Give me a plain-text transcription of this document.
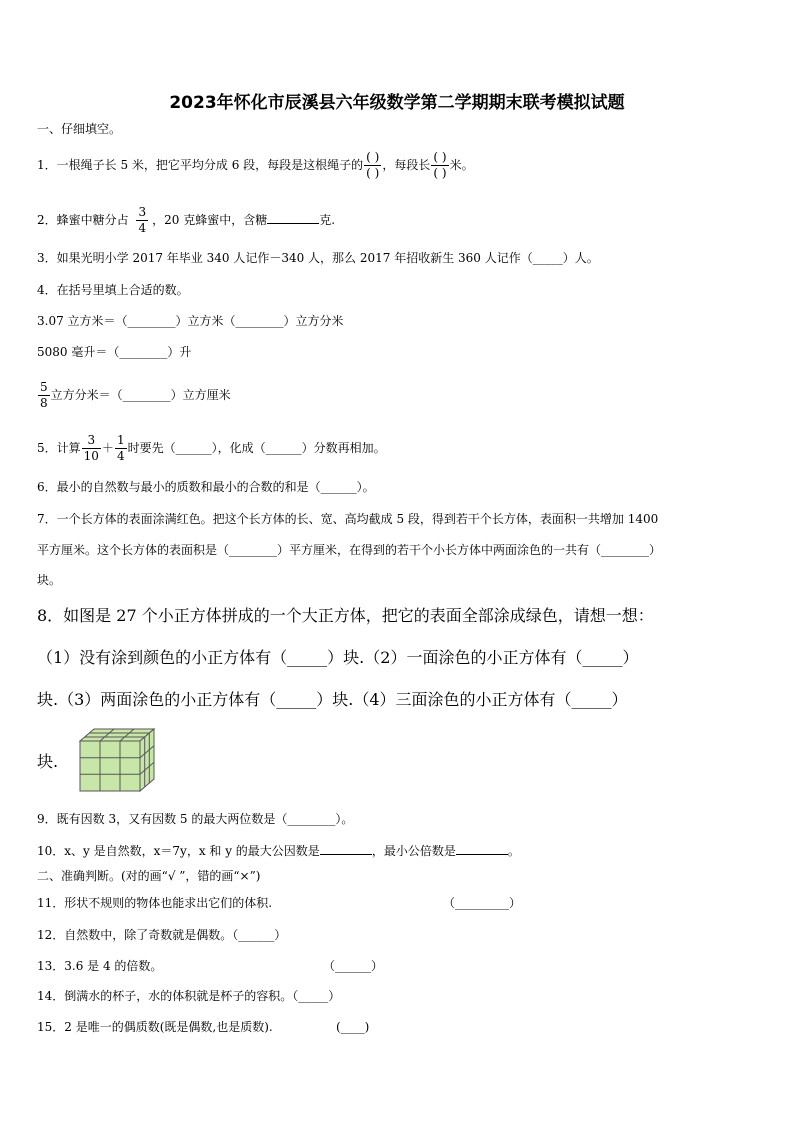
2023年怀化市辰溪县六年级数学第二学期期末联考模拟试题
一、仔细填空。
1．一根绳子长 5 米，把它平均分成 6 段，每段是这根绳子的 $\frac{( )}{( )}$ ，每段长 $\frac{( )}{( )}$ 米。
2．蜂蜜中糖分占 $\frac{3}{4}$ ，20 克蜂蜜中，含糖	克.
3．如果光明小学 2017 年毕业 340 人记作－340 人，那么 2017 年招收新生 360 人记作（_____）人。
4．在括号里填上合适的数。
3.07 立方米＝（________）立方米（________）立方分米
5080 毫升＝（________）升
$\frac{5}{8}$ 立方分米＝（________）立方厘米
5．计算 $\frac{3}{10} + \frac{1}{4}$ 时要先（______），化成（______）分数再相加。
6．最小的自然数与最小的质数和最小的合数的和是（______）。
7．一个长方体的表面涂满红色。把这个长方体的长、宽、高均截成 5 段，得到若干个长方体，表面积一共增加 1400
平方厘米。这个长方体的表面积是（________）平方厘米，在得到的若干个小长方体中两面涂色的一共有（________）
块。
8．如图是 27 个小正方体拼成的一个大正方体，把它的表面全部涂成绿色，请想一想：
（1）没有涂到颜色的小正方体有（_____）块.（2）一面涂色的小正方体有（_____）
块.（3）两面涂色的小正方体有（_____）块.（4）三面涂色的小正方体有（_____）
块.
9．既有因数 3，又有因数 5 的最大两位数是（________）。
10．x、y 是自然数，x＝7y，x 和 y 的最大公因数是	，最小公倍数是	。
二、准确判断。(对的画“√ ”，错的画“×”)
11．形状不规则的物体也能求出它们的体积.	（_________）
12．自然数中，除了奇数就是偶数。（______）
13．3.6 是 4 的倍数。	（______）
14．倒满水的杯子，水的体积就是杯子的容积。（_____）
15．2 是唯一的偶质数(既是偶数,也是质数).	(____)
